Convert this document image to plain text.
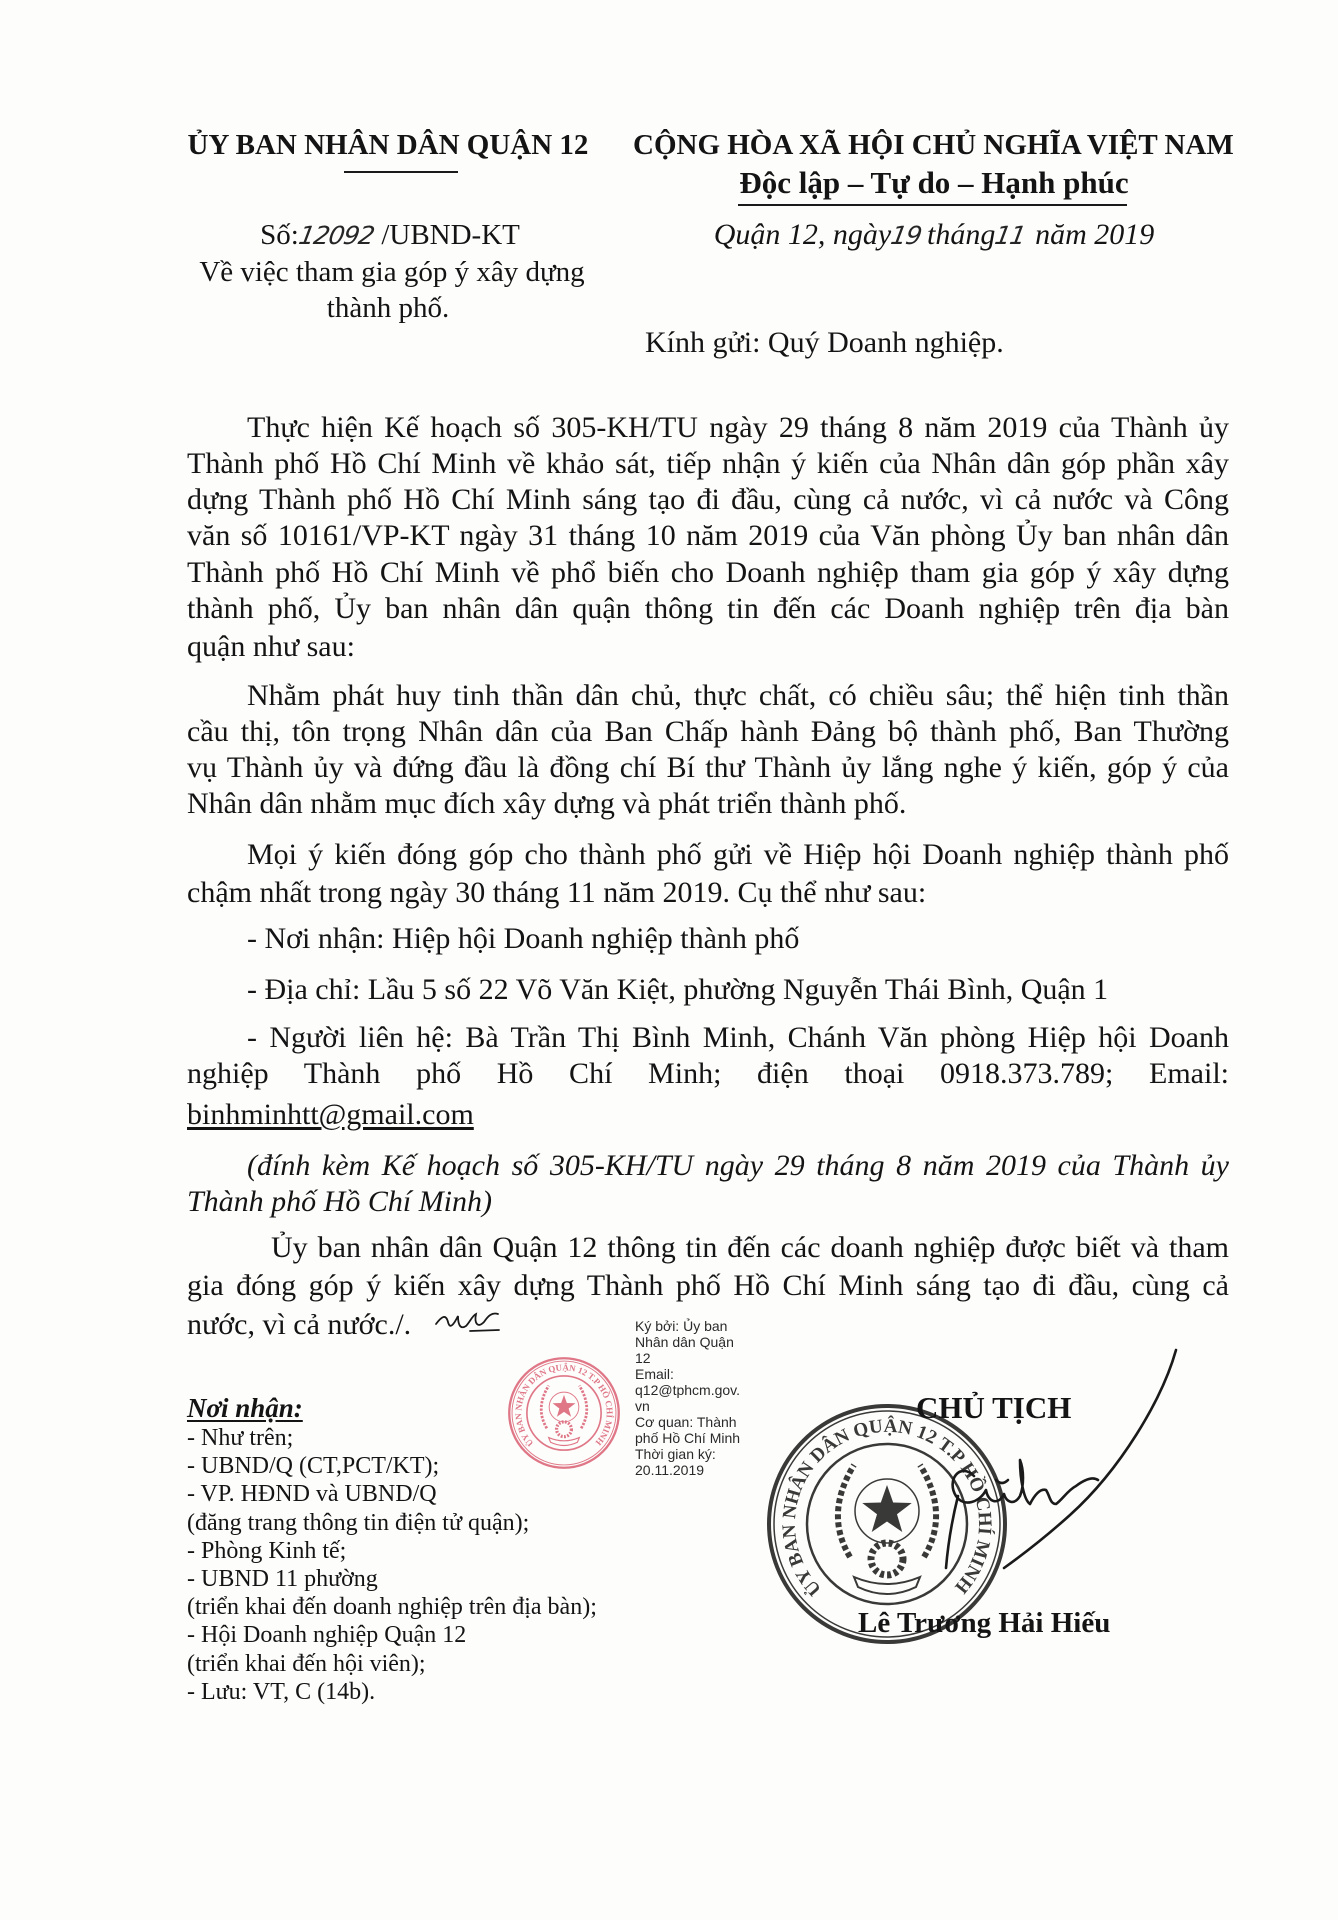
ỦY BAN NHÂN DÂN QUẬN 12
Số:12092 /UBND-KT
Về việc tham gia góp ý xây dựng
thành phố.
CỘNG HÒA XÃ HỘI CHỦ NGHĨA VIỆT NAM
Độc lập – Tự do – Hạnh phúc
Quận 12, ngày19 tháng11 năm 2019
Kính gửi: Quý Doanh nghiệp.
Thực hiện Kế hoạch số 305-KH/TU ngày 29 tháng 8 năm 2019 của Thành ủy
Thành phố Hồ Chí Minh về khảo sát, tiếp nhận ý kiến của Nhân dân góp phần xây
dựng Thành phố Hồ Chí Minh sáng tạo đi đầu, cùng cả nước, vì cả nước và Công
văn số 10161/VP-KT ngày 31 tháng 10 năm 2019 của Văn phòng Ủy ban nhân dân
Thành phố Hồ Chí Minh về phổ biến cho Doanh nghiệp tham gia góp ý xây dựng
thành phố, Ủy ban nhân dân quận thông tin đến các Doanh nghiệp trên địa bàn
quận như sau:
Nhằm phát huy tinh thần dân chủ, thực chất, có chiều sâu; thể hiện tinh thần
cầu thị, tôn trọng Nhân dân của Ban Chấp hành Đảng bộ thành phố, Ban Thường
vụ Thành ủy và đứng đầu là đồng chí Bí thư Thành ủy lắng nghe ý kiến, góp ý của
Nhân dân nhằm mục đích xây dựng và phát triển thành phố.
Mọi ý kiến đóng góp cho thành phố gửi về Hiệp hội Doanh nghiệp thành phố
chậm nhất trong ngày 30 tháng 11 năm 2019. Cụ thể như sau:
- Nơi nhận: Hiệp hội Doanh nghiệp thành phố
- Địa chỉ: Lầu 5 số 22 Võ Văn Kiệt, phường Nguyễn Thái Bình, Quận 1
- Người liên hệ: Bà Trần Thị Bình Minh, Chánh Văn phòng Hiệp hội Doanh
nghiệp Thành phố Hồ Chí Minh; điện thoại 0918.373.789; Email:
binhminhtt@gmail.com
(đính kèm Kế hoạch số 305-KH/TU ngày 29 tháng 8 năm 2019 của Thành ủy
Thành phố Hồ Chí Minh)
Ủy ban nhân dân Quận 12 thông tin đến các doanh nghiệp được biết và tham
gia đóng góp ý kiến xây dựng Thành phố Hồ Chí Minh sáng tạo đi đầu, cùng cả
nước, vì cả nước./.	Ký bởi: Ủy ban
Nhân dân Quận
12
Email:
q12@tphcm.gov.
vn
Cơ quan: Thành
phố Hồ Chí Minh
Thời gian ký:
20.11.2019
ỦY BAN NHÂN DÂN QUẬN 12 T.P HỒ CHÍ MINH
Nơi nhận:
- Như trên;
- UBND/Q (CT,PCT/KT);
- VP. HĐND và UBND/Q
(đăng trang thông tin điện tử quận);
- Phòng Kinh tế;
- UBND 11 phường
(triển khai đến doanh nghiệp trên địa bàn);
- Hội Doanh nghiệp Quận 12
(triển khai đến hội viên);
- Lưu: VT, C (14b).
ỦY BAN NHÂN DÂN QUẬN 12 T.P HỒ CHÍ MINH
CHỦ TỊCH
Lê Trương Hải Hiếu
